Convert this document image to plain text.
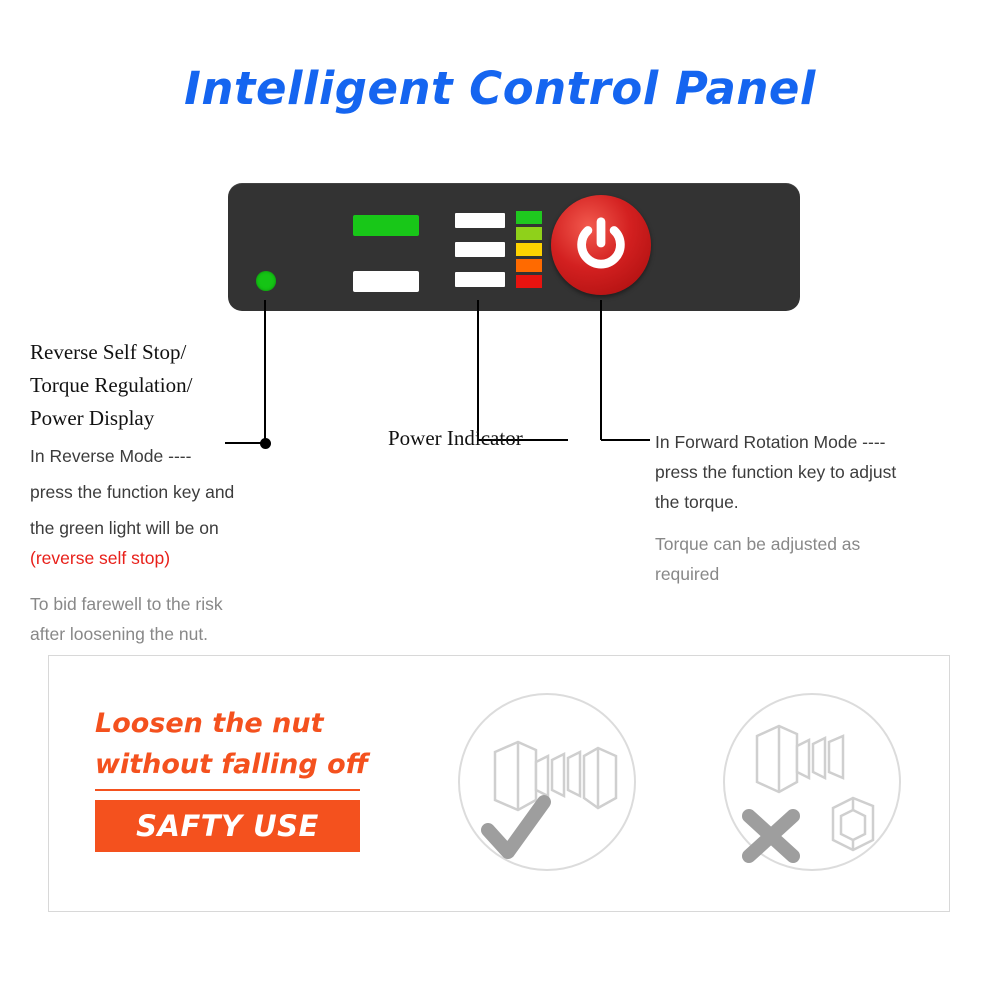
Intelligent Control Panel
Reverse Self Stop/
Torque Regulation/
Power Display
In Reverse Mode ----
press the function key and
the green light will be on
(reverse self stop)
To bid farewell to the risk
after loosening the nut.
Power Indicator	In Forward Rotation Mode ----
press the function key to adjust
the torque.
Torque can be adjusted as
required
Loosen the nut
without falling off
SAFTY USE
